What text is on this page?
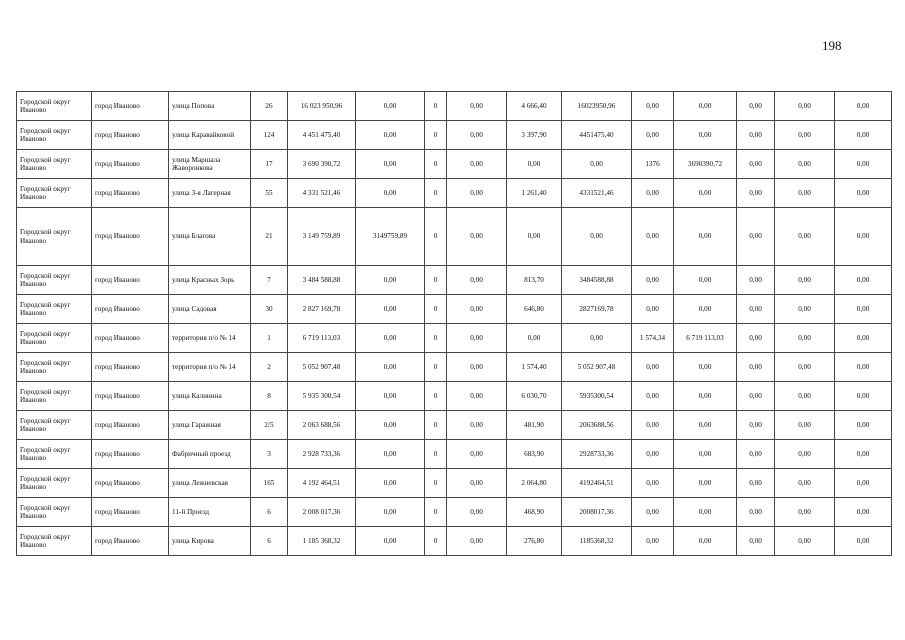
198
Городской округ Иваново	город Иваново	улица Попова	26	16 023 950,96	0,00	0	0,00	4 666,40	16023950,96	0,00	0,00	0,00	0,00	0,00
Городской округ Иваново	город Иваново	улица Каравайковой	124	4 451 475,40	0,00	0	0,00	3 397,90	4451475,40	0,00	0,00	0,00	0,00	0,00
Городской округ Иваново	город Иваново	улица Маршала Жаворонкова	17	3 690 390,72	0,00	0	0,00	0,00	0,00	1376	3690390,72	0,00	0,00	0,00
Городской округ Иваново	город Иваново	улица 3-я Лагерная	55	4 331 521,46	0,00	0	0,00	1 261,40	4331521,46	0,00	0,00	0,00	0,00	0,00
Городской округ Иваново	город Иваново	улица Благова	21	3 149 759,89	3149759,89	0	0,00	0,00	0,00	0,00	0,00	0,00	0,00	0,00
Городской округ Иваново	город Иваново	улица Красных Зорь	7	3 484 588,88	0,00	0	0,00	813,70	3484588,88	0,00	0,00	0,00	0,00	0,00
Городской округ Иваново	город Иваново	улица Садовая	30	2 827 169,78	0,00	0	0,00	646,80	2827169,78	0,00	0,00	0,00	0,00	0,00
Городской округ Иваново	город Иваново	территория п/о № 14	1	6 719 113,03	0,00	0	0,00	0,00	0,00	1 574,34	6 719 113,03	0,00	0,00	0,00
Городской округ Иваново	город Иваново	территория п/о № 14	2	5 052 907,48	0,00	0	0,00	1 574,40	5 052 907,48	0,00	0,00	0,00	0,00	0,00
Городской округ Иваново	город Иваново	улица Калинина	8	5 935 300,54	0,00	0	0,00	6 030,70	5935300,54	0,00	0,00	0,00	0,00	0,00
Городской округ Иваново	город Иваново	улица Гаражная	2/5	2 063 688,56	0,00	0	0,00	481,90	2063688,56	0,00	0,00	0,00	0,00	0,00
Городской округ Иваново	город Иваново	Фабричный проезд	3	2 928 733,36	0,00	0	0,00	683,90	2928733,36	0,00	0,00	0,00	0,00	0,00
Городской округ Иваново	город Иваново	улица Лежневская	165	4 192 464,51	0,00	0	0,00	2 064,80	4192464,51	0,00	0,00	0,00	0,00	0,00
Городской округ Иваново	город Иваново	11-й Проезд	6	2 008 017,36	0,00	0	0,00	468,90	2008017,36	0,00	0,00	0,00	0,00	0,00
Городской округ Иваново	город Иваново	улица Кирова	6	1 185 368,32	0,00	0	0,00	276,80	1185368,32	0,00	0,00	0,00	0,00	0,00
